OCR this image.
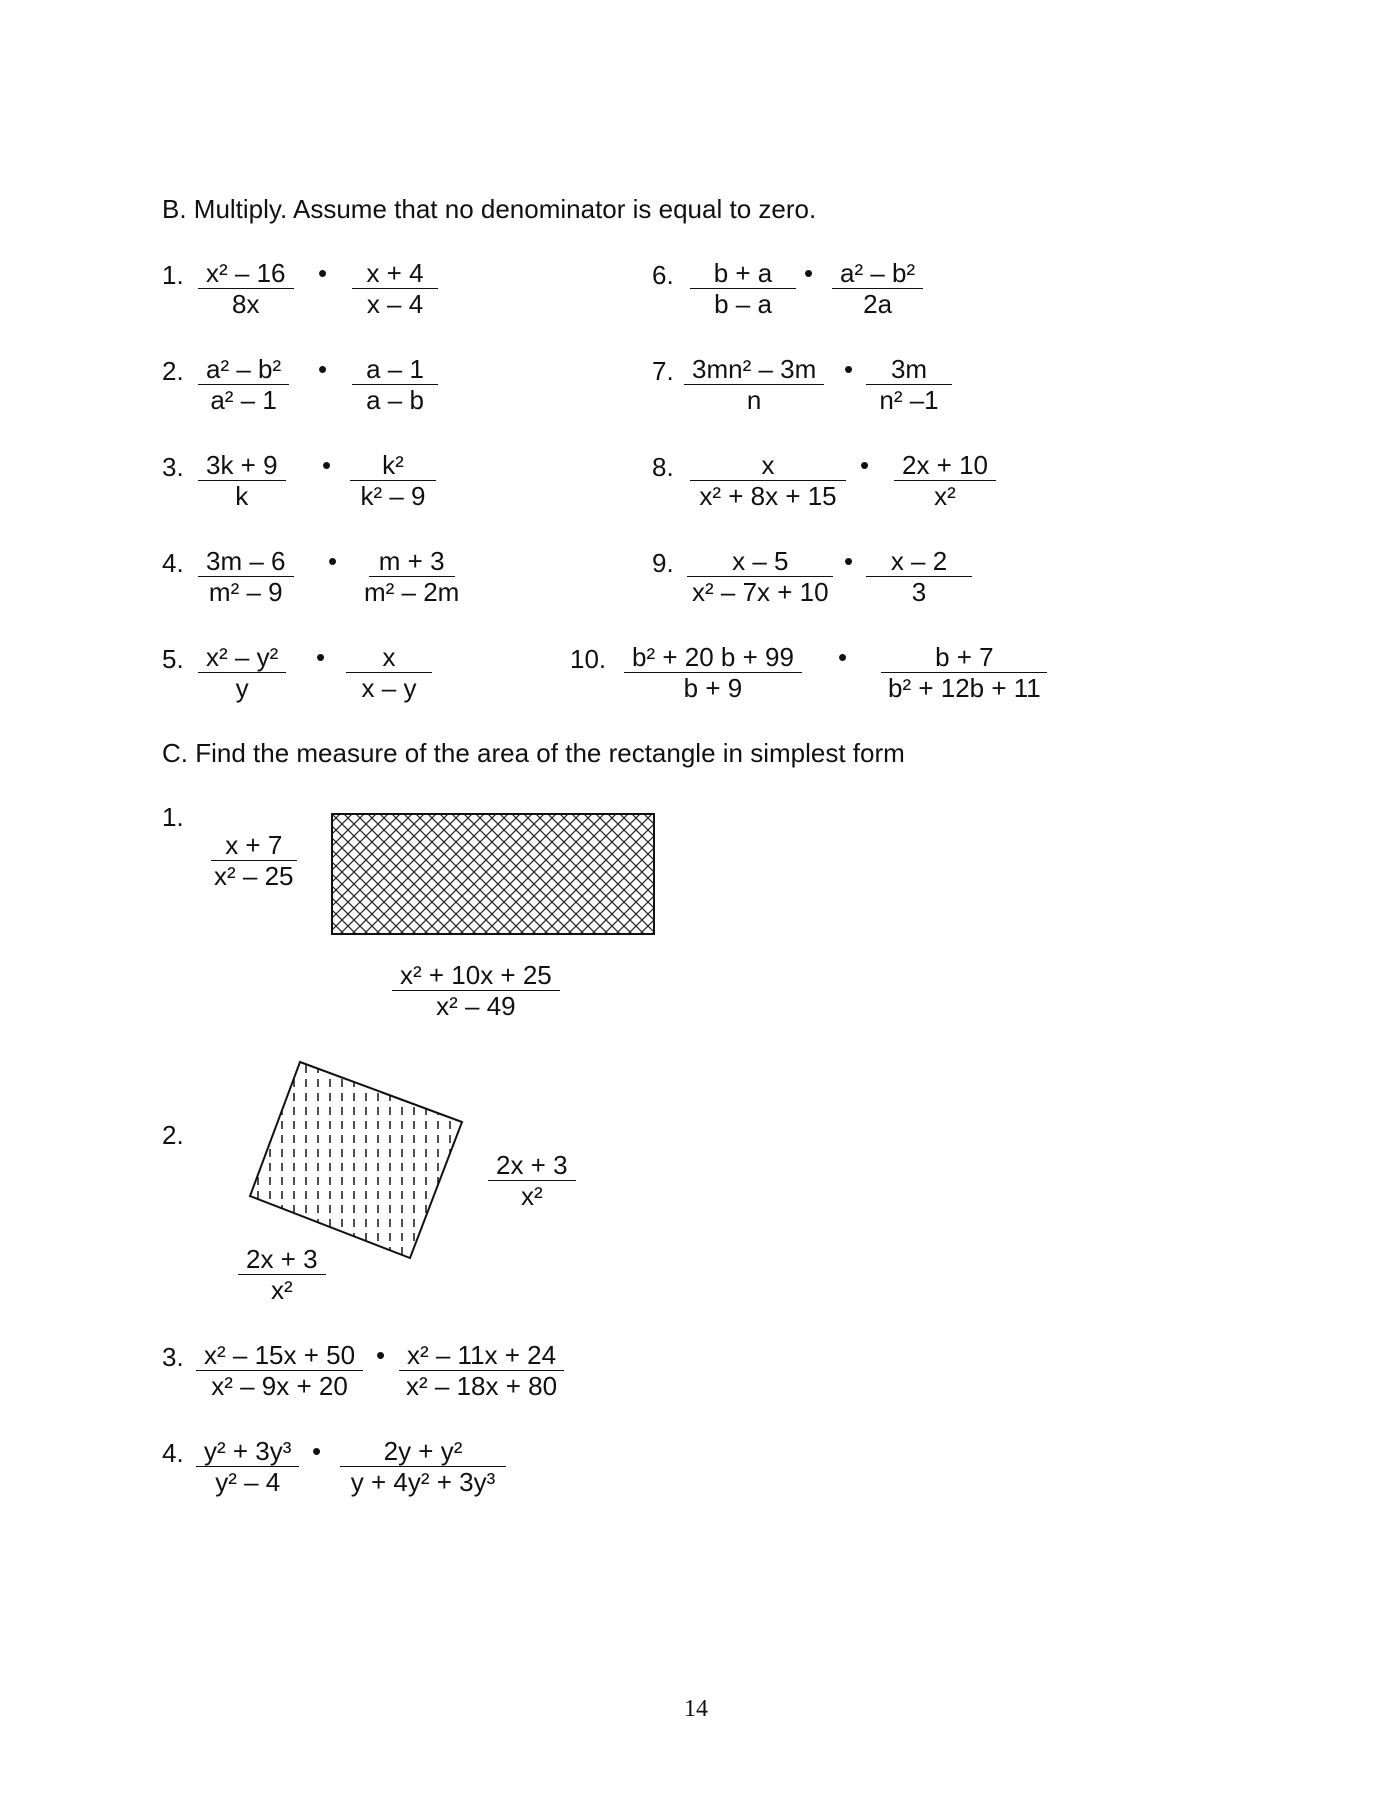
B. Multiply. Assume that no denominator is equal to zero.
1. $\frac{\text{x² – 16}}{8x}$ • $\frac{x + 4}{x - 4}$
2. $\frac{\text{a² – b²}}{\text{a² – 1}}$ • $\frac{a - 1}{a - b}$
3. $\frac{3k + 9}{k}$ • $\frac{\text{k²}}{\text{k² – 9}}$
4. $\frac{3m - 6}{\text{m² – 9}}$ • $\frac{m + 3}{\text{m² – 2m}}$
5. $\frac{\text{x² – y²}}{y}$ • $\frac{x}{x - y}$
6. $\frac{b + a}{b - a}$ • $\frac{\text{a² – b²}}{2a}$
7. $\frac{\text{3mn² – 3m}}{n}$ • $\frac{3m}{\text{n² –1}}$
8. $\frac{x}{\text{x² + 8x + 15}}$ • $\frac{2x + 10}{\text{x²}}$
9. $\frac{x - 5}{\text{x² – 7x + 10}}$ • $\frac{x - 2}{3}$
10. $\frac{\text{b² + 20 b + 99}}{b + 9}$ • $\frac{b + 7}{\text{b² + 12b + 11}}$
C. Find the measure of the area of the rectangle in simplest form
1.
$\frac{x + 7}{\text{x² – 25}}$
$\frac{\text{x² + 10x + 25}}{\text{x² – 49}}$
2.
$\frac{2x + 3}{\text{x²}}$
$\frac{2x + 3}{\text{x²}}$
3. $\frac{\text{x² – 15x + 50}}{\text{x² – 9x + 20}}$ • $\frac{\text{x² – 11x + 24}}{\text{x² – 18x + 80}}$
4. $\frac{\text{y² + 3y³}}{\text{y² – 4}}$ • $\frac{\text{2y + y²}}{\text{y + 4y² + 3y³}}$
14
